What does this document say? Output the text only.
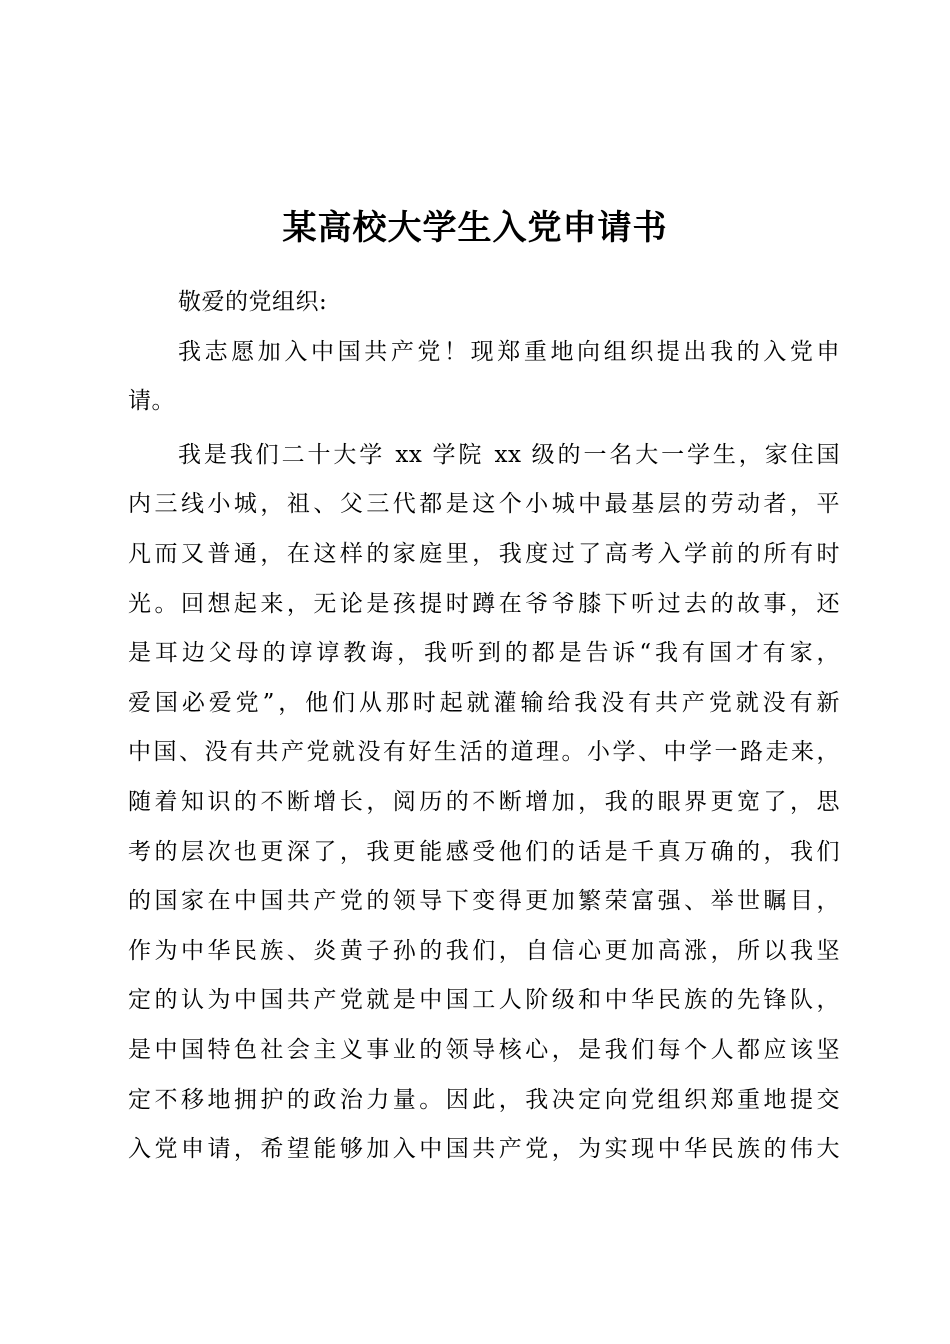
某高校大学生入党申请书
敬爱的党组织:
我志愿加入中国共产党！现郑重地向组织提出我的入党申
请。
我是我们二十大学 xx 学院 xx 级的一名大一学生，家住国
内三线小城，祖、父三代都是这个小城中最基层的劳动者，平
凡而又普通，在这样的家庭里，我度过了高考入学前的所有时
光。回想起来，无论是孩提时蹲在爷爷膝下听过去的故事，还
是耳边父母的谆谆教诲，我听到的都是告诉“我有国才有家，
爱国必爱党”，他们从那时起就灌输给我没有共产党就没有新
中国、没有共产党就没有好生活的道理。小学、中学一路走来，
随着知识的不断增长，阅历的不断增加，我的眼界更宽了，思
考的层次也更深了，我更能感受他们的话是千真万确的，我们
的国家在中国共产党的领导下变得更加繁荣富强、举世瞩目，
作为中华民族、炎黄子孙的我们，自信心更加高涨，所以我坚
定的认为中国共产党就是中国工人阶级和中华民族的先锋队，
是中国特色社会主义事业的领导核心，是我们每个人都应该坚
定不移地拥护的政治力量。因此，我决定向党组织郑重地提交
入党申请，希望能够加入中国共产党，为实现中华民族的伟大
